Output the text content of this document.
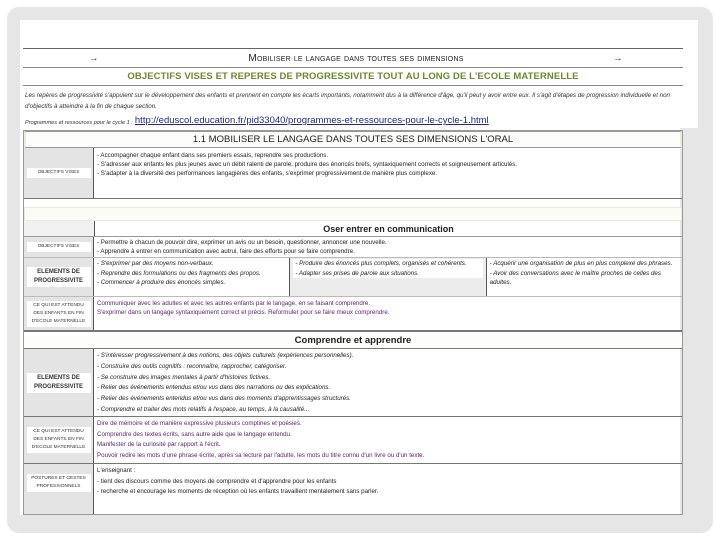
→	Mobiliser le langage dans toutes ses dimensions	→
OBJECTIFS VISES ET REPERES DE PROGRESSIVITE TOUT AU LONG DE L'ECOLE MATERNELLE
Les repères de progressivité s'appuient sur le développement des enfants et prennent en compte les écarts importants, notamment dus à la différence d'âge, qu'il peut y avoir entre eux. Il s'agit d'étapes de progression individuelle et non d'objectifs à atteindre à la fin de chaque section.
Programmes et ressources pour le cycle 1 : http://eduscol.education.fr/pid33040/programmes-et-ressources-pour-le-cycle-1.html
1.1 MOBILISER LE LANGAGE DANS TOUTES SES DIMENSIONS L'ORAL
OBJECTIFS VISES
- Accompagner chaque enfant dans ses premiers essais, reprendre ses productions.
- S'adresser aux enfants les plus jeunes avec un débit ralenti de parole, produire des énoncés brefs, syntaxiquement corrects et soigneusement articulés.
- S'adapter à la diversité des performances langagières des enfants, s'exprimer progressivement de manière plus complexe.
Oser entrer en communication
OBJECTIFS VISES
- Permettre à chacun de pouvoir dire, exprimer un avis ou un besoin, questionner, annoncer une nouvelle.
- Apprendre à entrer en communication avec autrui, faire des efforts pour se faire comprendre.
ELEMENTS DE PROGRESSIVITE
- S'exprimer par des moyens non-verbaux.
- Reprendre des formulations ou des fragments des propos.
- Commencer à produire des énoncés simples.
- Produire des énoncés plus complets, organisés et cohérents.
- Adapter ses prises de parole aux situations.
- Acquérir une organisation de plus en plus complexe des phrases.
- Avoir des conversations avec le maître proches de celles des adultes.
CE QUI EST ATTENDU DES ENFANTS EN FIN D'ECOLE MATERNELLE
Communiquer avec les adultes et avec les autres enfants par le langage, en se faisant comprendre.
S'exprimer dans un langage syntaxiquement correct et précis. Reformuler pour se faire mieux comprendre.
Comprendre et apprendre
ELEMENTS DE PROGRESSIVITE
- S'intéresser progressivement à des notions, des objets culturels (expériences personnelles).
- Construire des outils cognitifs : reconnaître, rapprocher, catégoriser.
- Se construire des images mentales à partir d'histoires fictives.
- Relier des événements entendus et/ou vus dans des narrations ou des explications.
- Relier des événements entendus et/ou vus dans des moments d'apprentissages structurés.
- Comprendre et traiter des mots relatifs à l'espace, au temps, à la causalité...
CE QUI EST ATTENDU DES ENFANTS EN FIN D'ECOLE MATERNELLE
Dire de mémoire et de manière expressive plusieurs comptines et poésies.
Comprendre des textes écrits, sans autre aide que le langage entendu.
Manifester de la curiosité par rapport à l'écrit.
Pouvoir redire les mots d'une phrase écrite, après sa lecture par l'adulte, les mots du titre connu d'un livre ou d'un texte.
POSTURES ET GESTES PROFESSIONNELS
L'enseignant :
- tient des discours comme des moyens de comprendre et d'apprendre pour les enfants
- recherche et encourage les moments de réception où les enfants travaillent mentalement sans parler.
